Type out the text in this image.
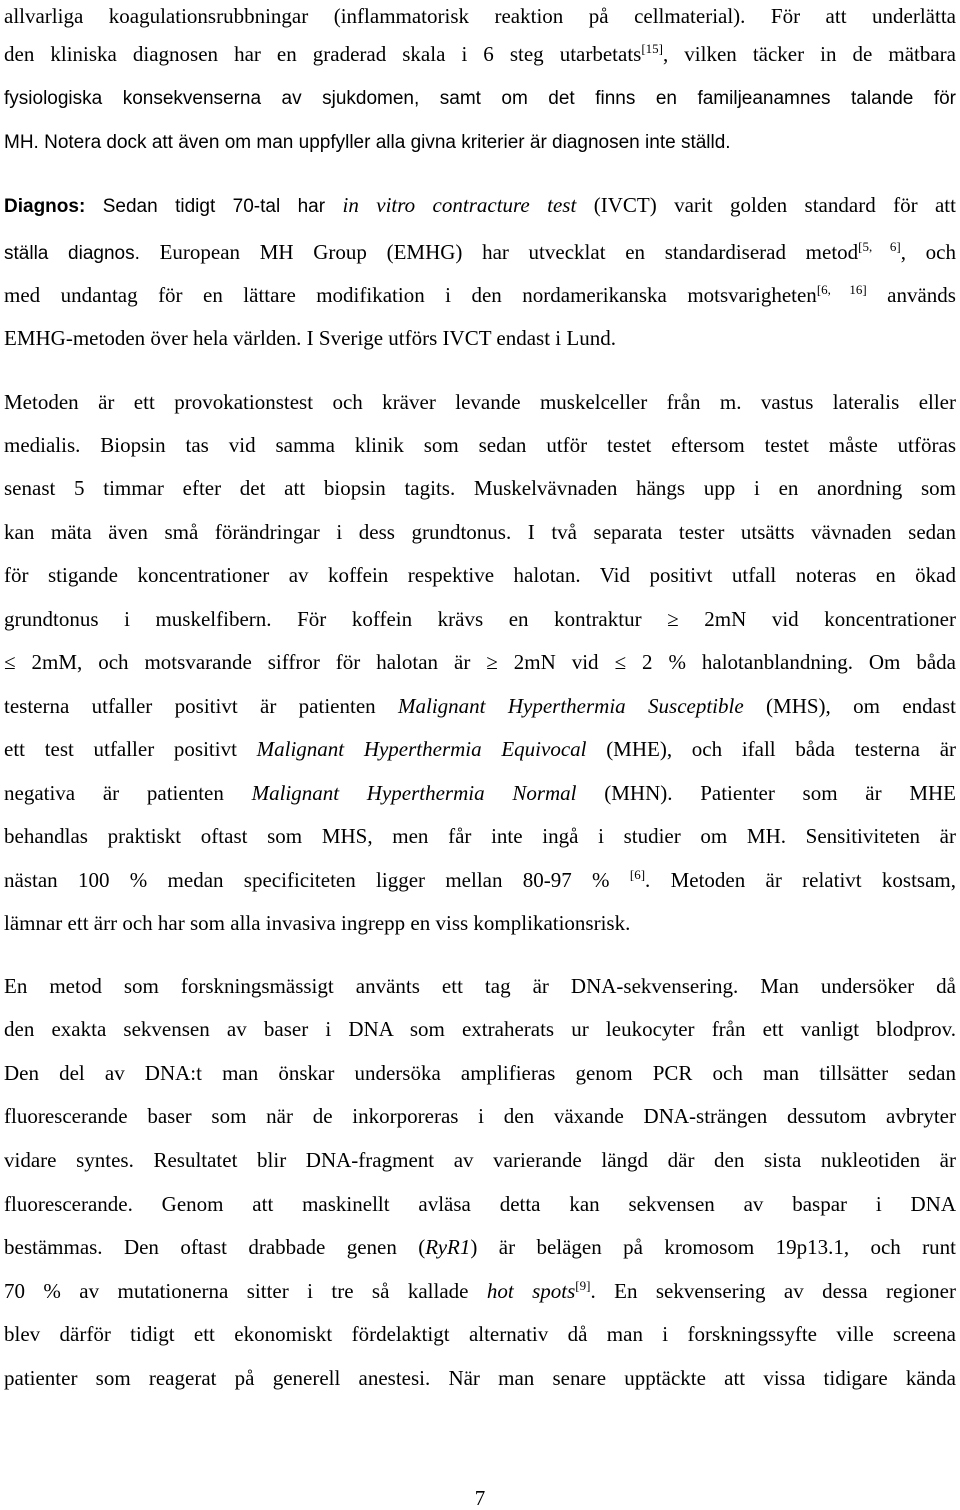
allvarliga koagulationsrubbningar (inflammatorisk reaktion på cellmaterial). För att underlätta
den kliniska diagnosen har en graderad skala i 6 steg utarbetats[15], vilken täcker in de mätbara
fysiologiska konsekvenserna av sjukdomen, samt om det finns en familjeanamnes talande för
MH. Notera dock att även om man uppfyller alla givna kriterier är diagnosen inte ställd.
Diagnos: Sedan tidigt 70-tal har in vitro contracture test (IVCT) varit golden standard för att
ställa diagnos. European MH Group (EMHG) har utvecklat en standardiserad metod[5, 6], och
med undantag för en lättare modifikation i den nordamerikanska motsvarigheten[6, 16] används
EMHG-metoden över hela världen. I Sverige utförs IVCT endast i Lund.
Metoden är ett provokationstest och kräver levande muskelceller från m. vastus lateralis eller
medialis. Biopsin tas vid samma klinik som sedan utför testet eftersom testet måste utföras
senast 5 timmar efter det att biopsin tagits. Muskelvävnaden hängs upp i en anordning som
kan mäta även små förändringar i dess grundtonus. I två separata tester utsätts vävnaden sedan
för stigande koncentrationer av koffein respektive halotan. Vid positivt utfall noteras en ökad
grundtonus i muskelfibern. För koffein krävs en kontraktur ≥ 2mN vid koncentrationer
≤ 2mM, och motsvarande siffror för halotan är ≥ 2mN vid ≤ 2 % halotanblandning. Om båda
testerna utfaller positivt är patienten Malignant Hyperthermia Susceptible (MHS), om endast
ett test utfaller positivt Malignant Hyperthermia Equivocal (MHE), och ifall båda testerna är
negativa är patienten Malignant Hyperthermia Normal (MHN). Patienter som är MHE
behandlas praktiskt oftast som MHS, men får inte ingå i studier om MH. Sensitiviteten är
nästan 100 % medan specificiteten ligger mellan 80-97 % [6]. Metoden är relativt kostsam,
lämnar ett ärr och har som alla invasiva ingrepp en viss komplikationsrisk.
En metod som forskningsmässigt använts ett tag är DNA-sekvensering. Man undersöker då
den exakta sekvensen av baser i DNA som extraherats ur leukocyter från ett vanligt blodprov.
Den del av DNA:t man önskar undersöka amplifieras genom PCR och man tillsätter sedan
fluorescerande baser som när de inkorporeras i den växande DNA-strängen dessutom avbryter
vidare syntes. Resultatet blir DNA-fragment av varierande längd där den sista nukleotiden är
fluorescerande. Genom att maskinellt avläsa detta kan sekvensen av baspar i DNA
bestämmas. Den oftast drabbade genen (RyR1) är belägen på kromosom 19p13.1, och runt
70 % av mutationerna sitter i tre så kallade hot spots[9]. En sekvensering av dessa regioner
blev därför tidigt ett ekonomiskt fördelaktigt alternativ då man i forskningssyfte ville screena
patienter som reagerat på generell anestesi. När man senare upptäckte att vissa tidigare kända
7
